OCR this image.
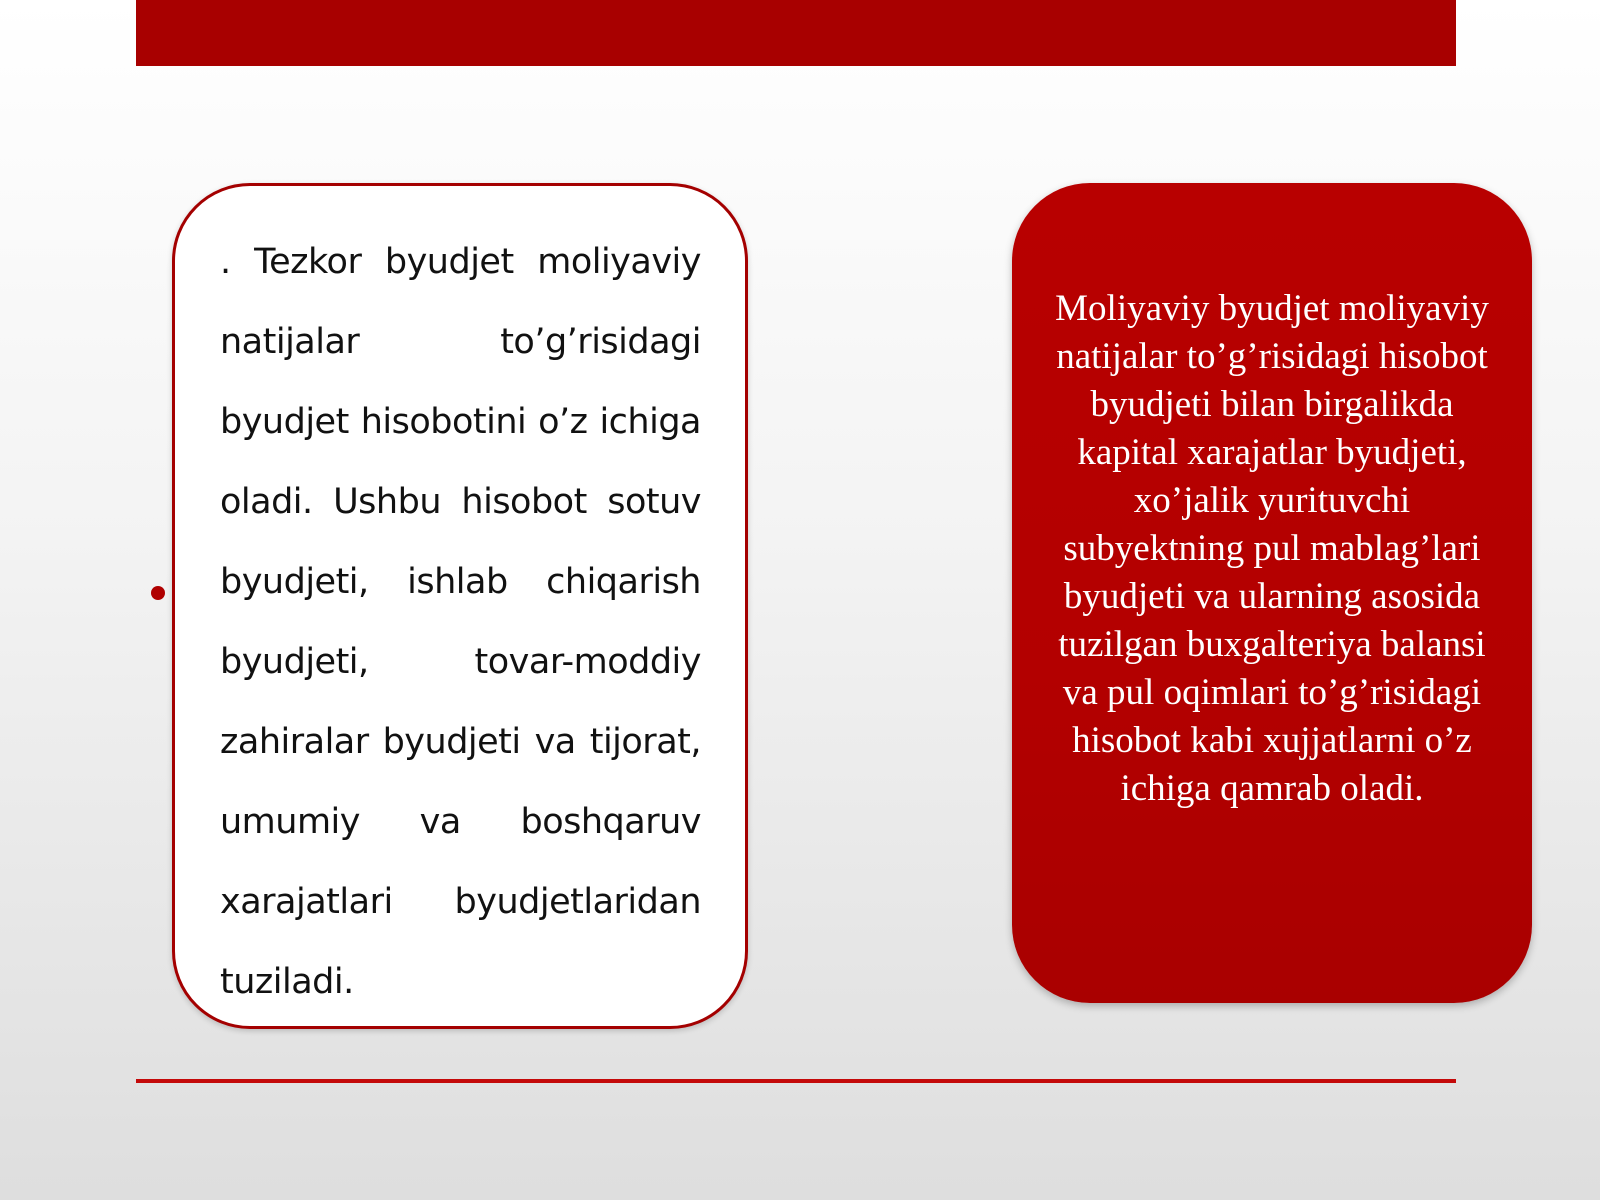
. Tezkor byudjet moliyaviy natijalar to’g’risidagi byudjet hisobotini o’z ichiga oladi. Ushbu hisobot sotuv byudjeti, ishlab chiqarish byudjeti, tovar-moddiy zahiralar byudjeti va tijorat, umumiy va boshqaruv xarajatlari byudjetlaridan tuziladi.

Moliyaviy byudjet moliyaviy natijalar to’g’risidagi hisobot byudjeti bilan birgalikda kapital xarajatlar byudjeti, xo’jalik yurituvchi subyektning pul mablag’lari byudjeti va ularning asosida tuzilgan buxgalteriya balansi va pul oqimlari to’g’risidagi hisobot kabi xujjatlarni o’z ichiga qamrab oladi.
